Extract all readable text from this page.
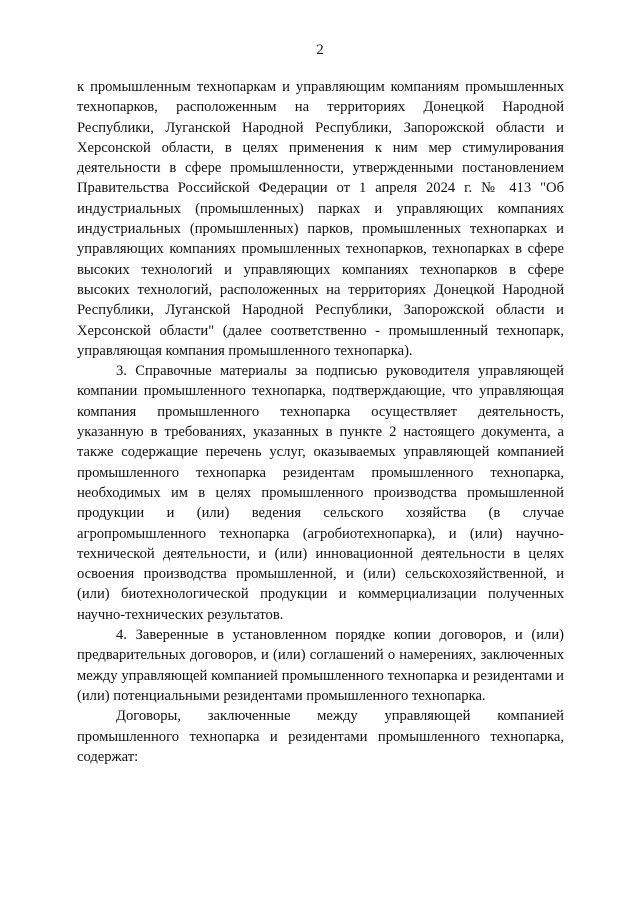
2

к промышленным технопаркам и управляющим компаниям промышленных технопарков, расположенным на территориях Донецкой Народной Республики, Луганской Народной Республики, Запорожской области и Херсонской области, в целях применения к ним мер стимулирования деятельности в сфере промышленности, утвержденными постановлением Правительства Российской Федерации от 1 апреля 2024 г. № 413 "Об индустриальных (промышленных) парках и управляющих компаниях индустриальных (промышленных) парков, промышленных технопарках и управляющих компаниях промышленных технопарков, технопарках в сфере высоких технологий и управляющих компаниях технопарков в сфере высоких технологий, расположенных на территориях Донецкой Народной Республики, Луганской Народной Республики, Запорожской области и Херсонской области" (далее соответственно - промышленный технопарк, управляющая компания промышленного технопарка).

3. Справочные материалы за подписью руководителя управляющей компании промышленного технопарка, подтверждающие, что управляющая компания промышленного технопарка осуществляет деятельность, указанную в требованиях, указанных в пункте 2 настоящего документа, а также содержащие перечень услуг, оказываемых управляющей компанией промышленного технопарка резидентам промышленного технопарка, необходимых им в целях промышленного производства промышленной продукции и (или) ведения сельского хозяйства (в случае агропромышленного технопарка (агробиотехнопарка), и (или) научно-технической деятельности, и (или) инновационной деятельности в целях освоения производства промышленной, и (или) сельскохозяйственной, и (или) биотехнологической продукции и коммерциализации полученных научно-технических результатов.

4. Заверенные в установленном порядке копии договоров, и (или) предварительных договоров, и (или) соглашений о намерениях, заключенных между управляющей компанией промышленного технопарка и резидентами и (или) потенциальными резидентами промышленного технопарка.

Договоры, заключенные между управляющей компанией промышленного технопарка и резидентами промышленного технопарка, содержат:
